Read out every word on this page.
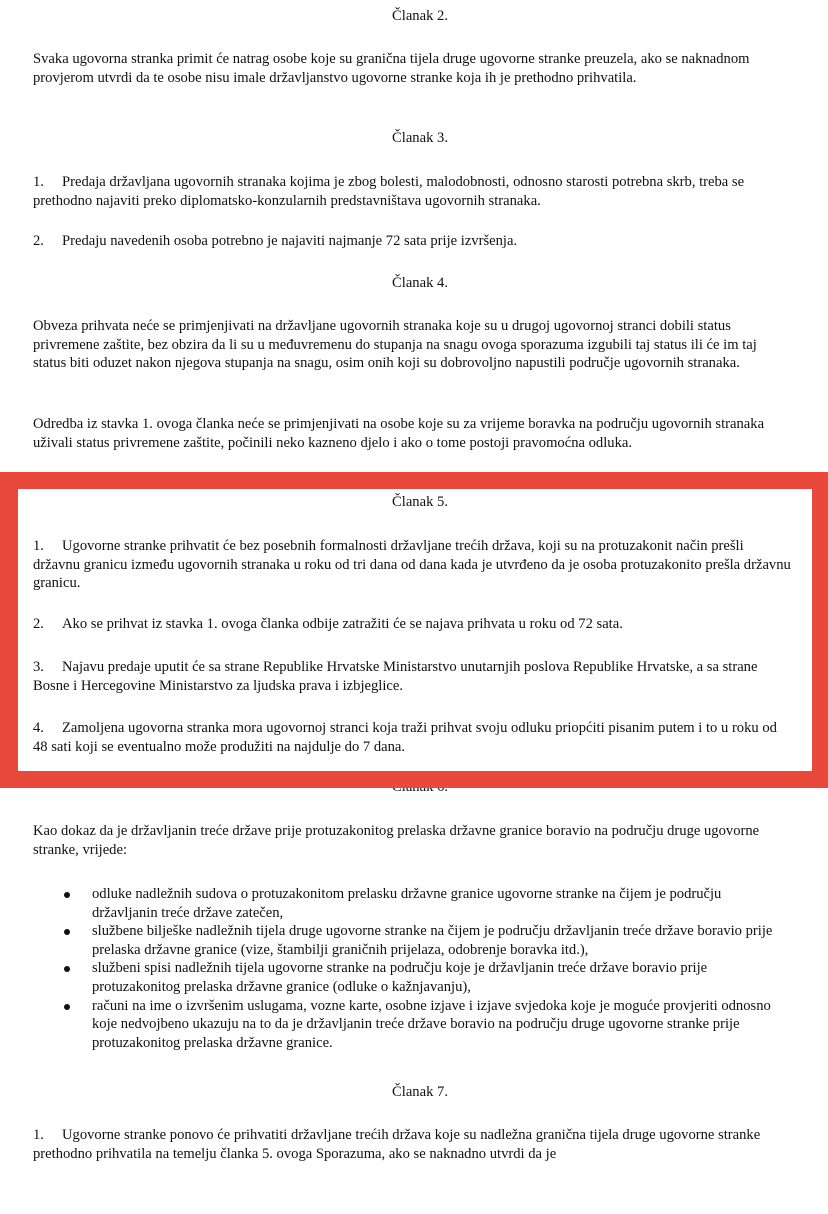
Članak 2.

Svaka ugovorna stranka primit će natrag osobe koje su granična tijela druge ugovorne stranke preuzela, ako se naknadnom provjerom utvrdi da te osobe nisu imale državljanstvo ugovorne stranke koja ih je prethodno prihvatila.

Članak 3.

1. Predaja državljana ugovornih stranaka kojima je zbog bolesti, malodobnosti, odnosno starosti potrebna skrb, treba se prethodno najaviti preko diplomatsko-konzularnih predstavništava ugovornih stranaka.

2. Predaju navedenih osoba potrebno je najaviti najmanje 72 sata prije izvršenja.

Članak 4.

Obveza prihvata neće se primjenjivati na državljane ugovornih stranaka koje su u drugoj ugovornoj stranci dobili status privremene zaštite, bez obzira da li su u međuvremenu do stupanja na snagu ovoga sporazuma izgubili taj status ili će im taj status biti oduzet nakon njegova stupanja na snagu, osim onih koji su dobrovoljno napustili područje ugovornih stranaka.

Odredba iz stavka 1. ovoga članka neće se primjenjivati na osobe koje su za vrijeme boravka na području ugovornih stranaka uživali status privremene zaštite, počinili neko kazneno djelo i ako o tome postoji pravomoćna odluka.

Članak 5.

1. Ugovorne stranke prihvatit će bez posebnih formalnosti državljane trećih država, koji su na protuzakonit način prešli državnu granicu između ugovornih stranaka u roku od tri dana od dana kada je utvrđeno da je osoba protuzakonito prešla državnu granicu.

2. Ako se prihvat iz stavka 1. ovoga članka odbije zatražiti će se najava prihvata u roku od 72 sata.

3. Najavu predaje uputit će sa strane Republike Hrvatske Ministarstvo unutarnjih poslova Republike Hrvatske, a sa strane Bosne i Hercegovine Ministarstvo za ljudska prava i izbjeglice.

4. Zamoljena ugovorna stranka mora ugovornoj stranci koja traži prihvat svoju odluku priopćiti pisanim putem i to u roku od 48 sati koji se eventualno može produžiti na najdulje do 7 dana.

Članak 6.

Kao dokaz da je državljanin treće države prije protuzakonitog prelaska državne granice boravio na području druge ugovorne stranke, vrijede:

odluke nadležnih sudova o protuzakonitom prelasku državne granice ugovorne stranke na čijem je području državljanin treće države zatečen,
službene bilješke nadležnih tijela druge ugovorne stranke na čijem je području državljanin treće države boravio prije prelaska državne granice (vize, štambilji graničnih prijelaza, odobrenje boravka itd.),
službeni spisi nadležnih tijela ugovorne stranke na području koje je državljanin treće države boravio prije protuzakonitog prelaska državne granice (odluke o kažnjavanju),
računi na ime o izvršenim uslugama, vozne karte, osobne izjave i izjave svjedoka koje je moguće provjeriti odnosno koje nedvojbeno ukazuju na to da je državljanin treće države boravio na području druge ugovorne stranke prije protuzakonitog prelaska državne granice.

Članak 7.

1. Ugovorne stranke ponovo će prihvatiti državljane trećih država koje su nadležna granična tijela druge ugovorne stranke prethodno prihvatila na temelju članka 5. ovoga Sporazuma, ako se naknadno utvrdi da je
